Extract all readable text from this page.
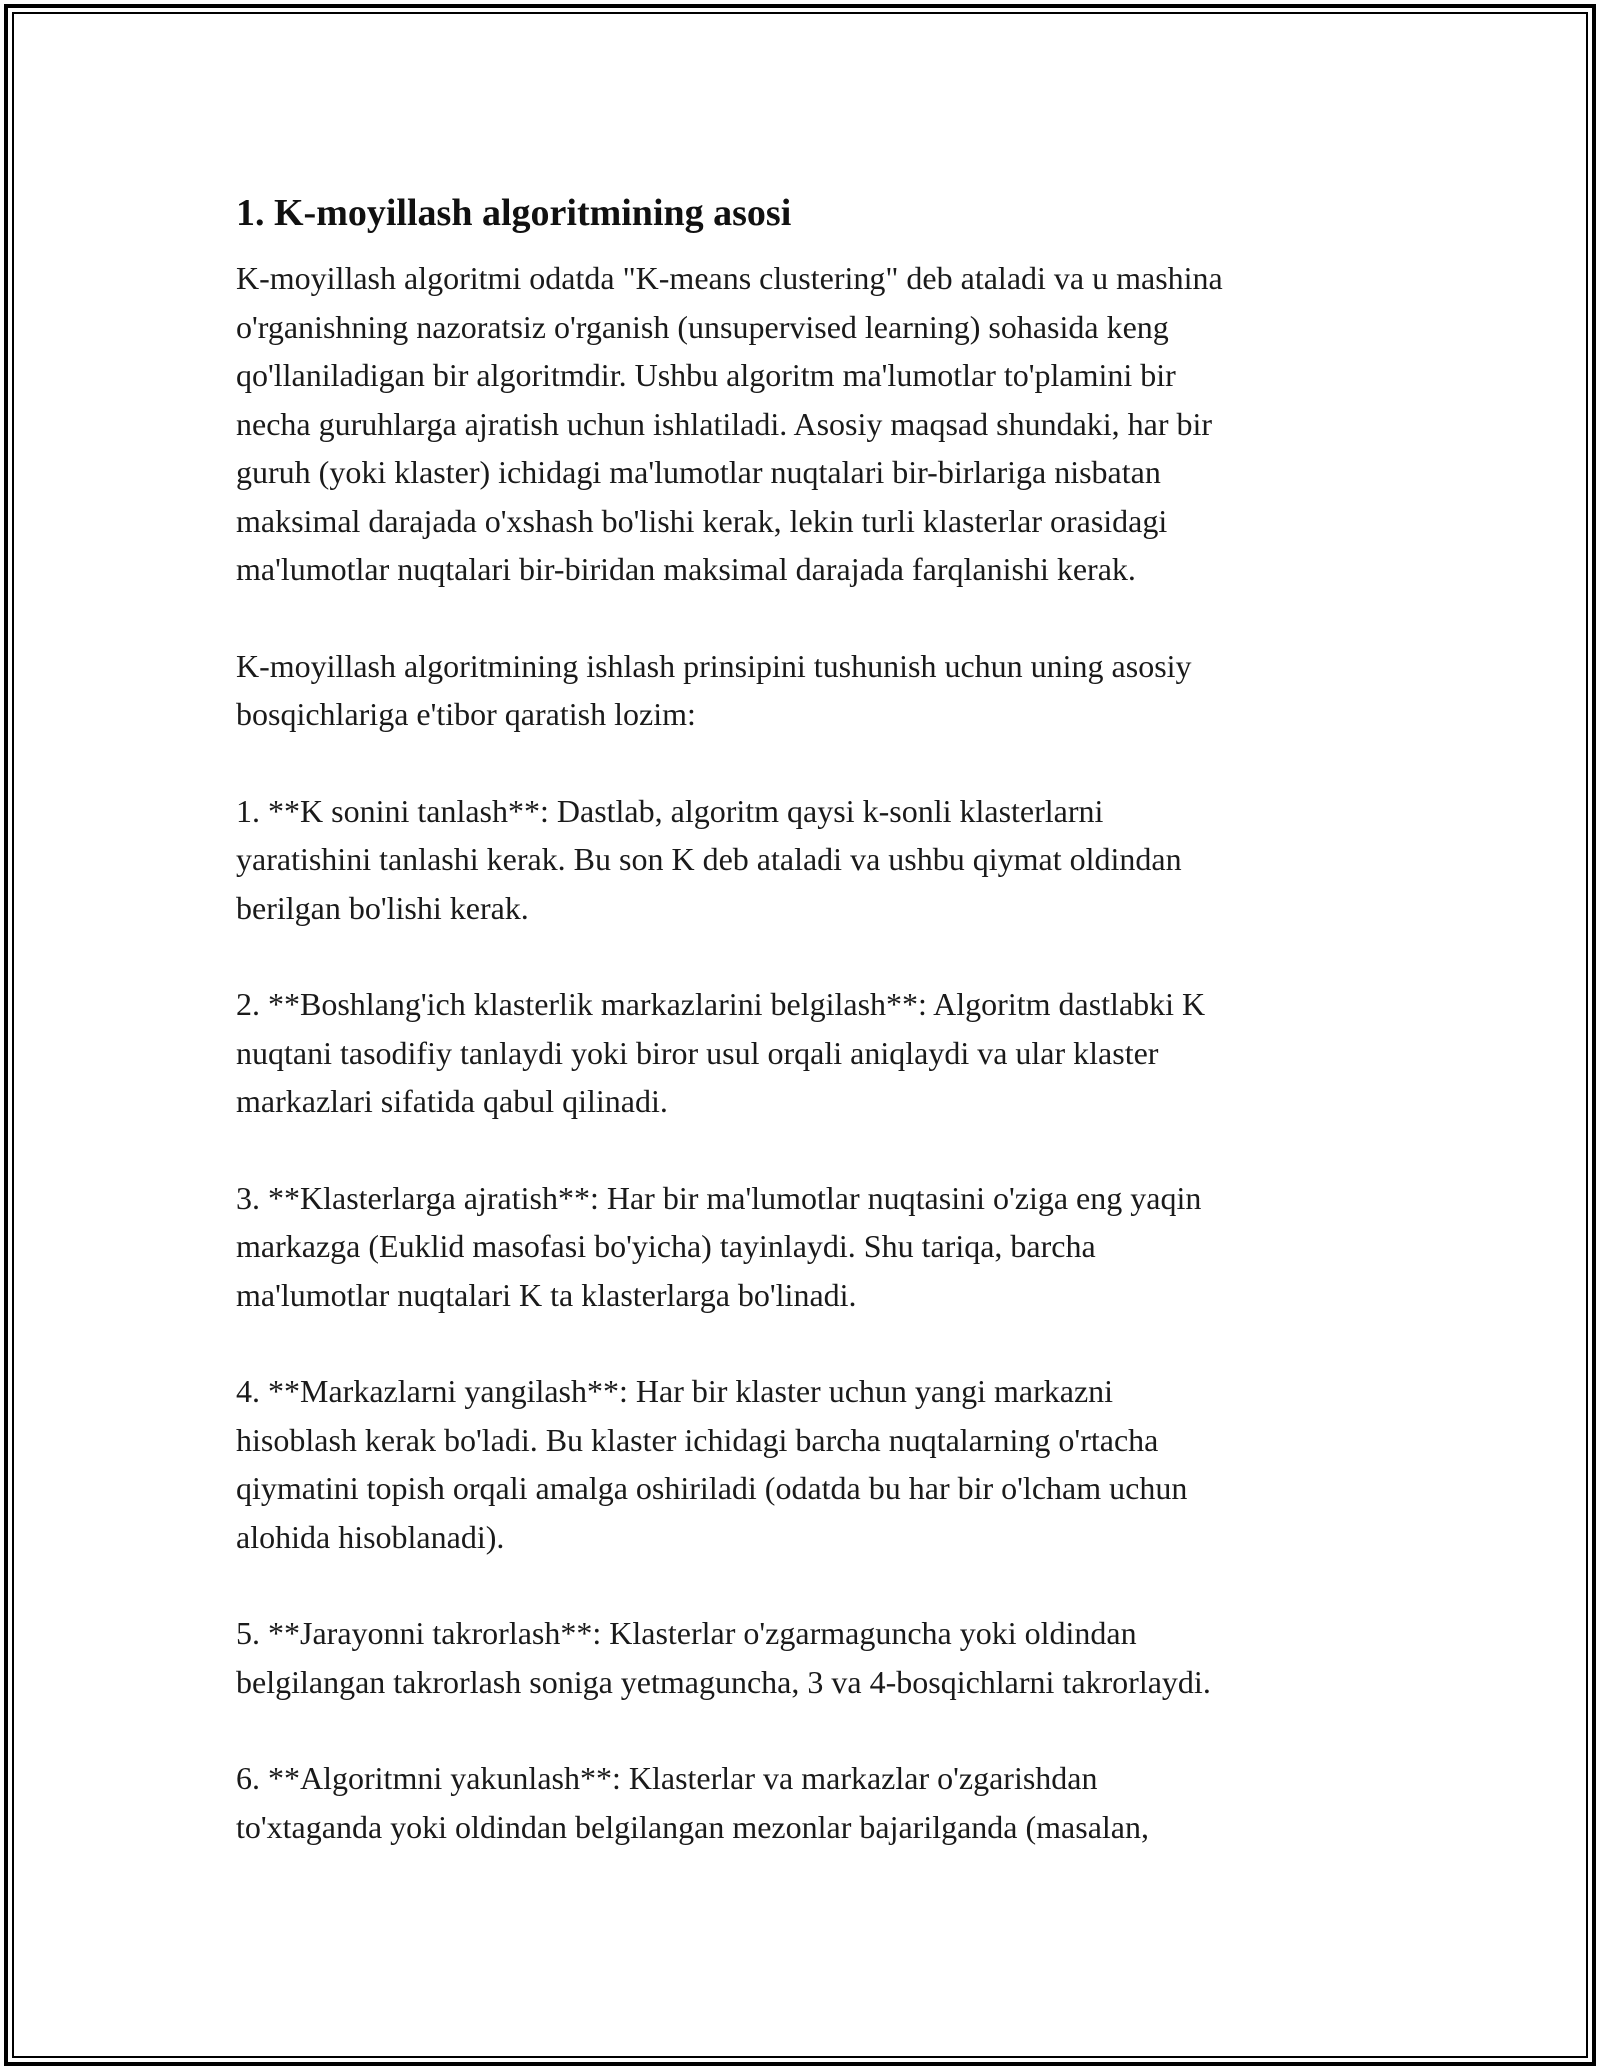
1. K-moyillash algoritmining asosi

K-moyillash algoritmi odatda "K-means clustering" deb ataladi va u mashina
o'rganishning nazoratsiz o'rganish (unsupervised learning) sohasida keng
qo'llaniladigan bir algoritmdir. Ushbu algoritm ma'lumotlar to'plamini bir
necha guruhlarga ajratish uchun ishlatiladi. Asosiy maqsad shundaki, har bir
guruh (yoki klaster) ichidagi ma'lumotlar nuqtalari bir-birlariga nisbatan
maksimal darajada o'xshash bo'lishi kerak, lekin turli klasterlar orasidagi
ma'lumotlar nuqtalari bir-biridan maksimal darajada farqlanishi kerak.

K-moyillash algoritmining ishlash prinsipini tushunish uchun uning asosiy
bosqichlariga e'tibor qaratish lozim:

1. **K sonini tanlash**: Dastlab, algoritm qaysi k-sonli klasterlarni
yaratishini tanlashi kerak. Bu son K deb ataladi va ushbu qiymat oldindan
berilgan bo'lishi kerak.

2. **Boshlang'ich klasterlik markazlarini belgilash**: Algoritm dastlabki K
nuqtani tasodifiy tanlaydi yoki biror usul orqali aniqlaydi va ular klaster
markazlari sifatida qabul qilinadi.

3. **Klasterlarga ajratish**: Har bir ma'lumotlar nuqtasini o'ziga eng yaqin
markazga (Euklid masofasi bo'yicha) tayinlaydi. Shu tariqa, barcha
ma'lumotlar nuqtalari K ta klasterlarga bo'linadi.

4. **Markazlarni yangilash**: Har bir klaster uchun yangi markazni
hisoblash kerak bo'ladi. Bu klaster ichidagi barcha nuqtalarning o'rtacha
qiymatini topish orqali amalga oshiriladi (odatda bu har bir o'lcham uchun
alohida hisoblanadi).

5. **Jarayonni takrorlash**: Klasterlar o'zgarmaguncha yoki oldindan
belgilangan takrorlash soniga yetmaguncha, 3 va 4-bosqichlarni takrorlaydi.

6. **Algoritmni yakunlash**: Klasterlar va markazlar o'zgarishdan
to'xtaganda yoki oldindan belgilangan mezonlar bajarilganda (masalan,
